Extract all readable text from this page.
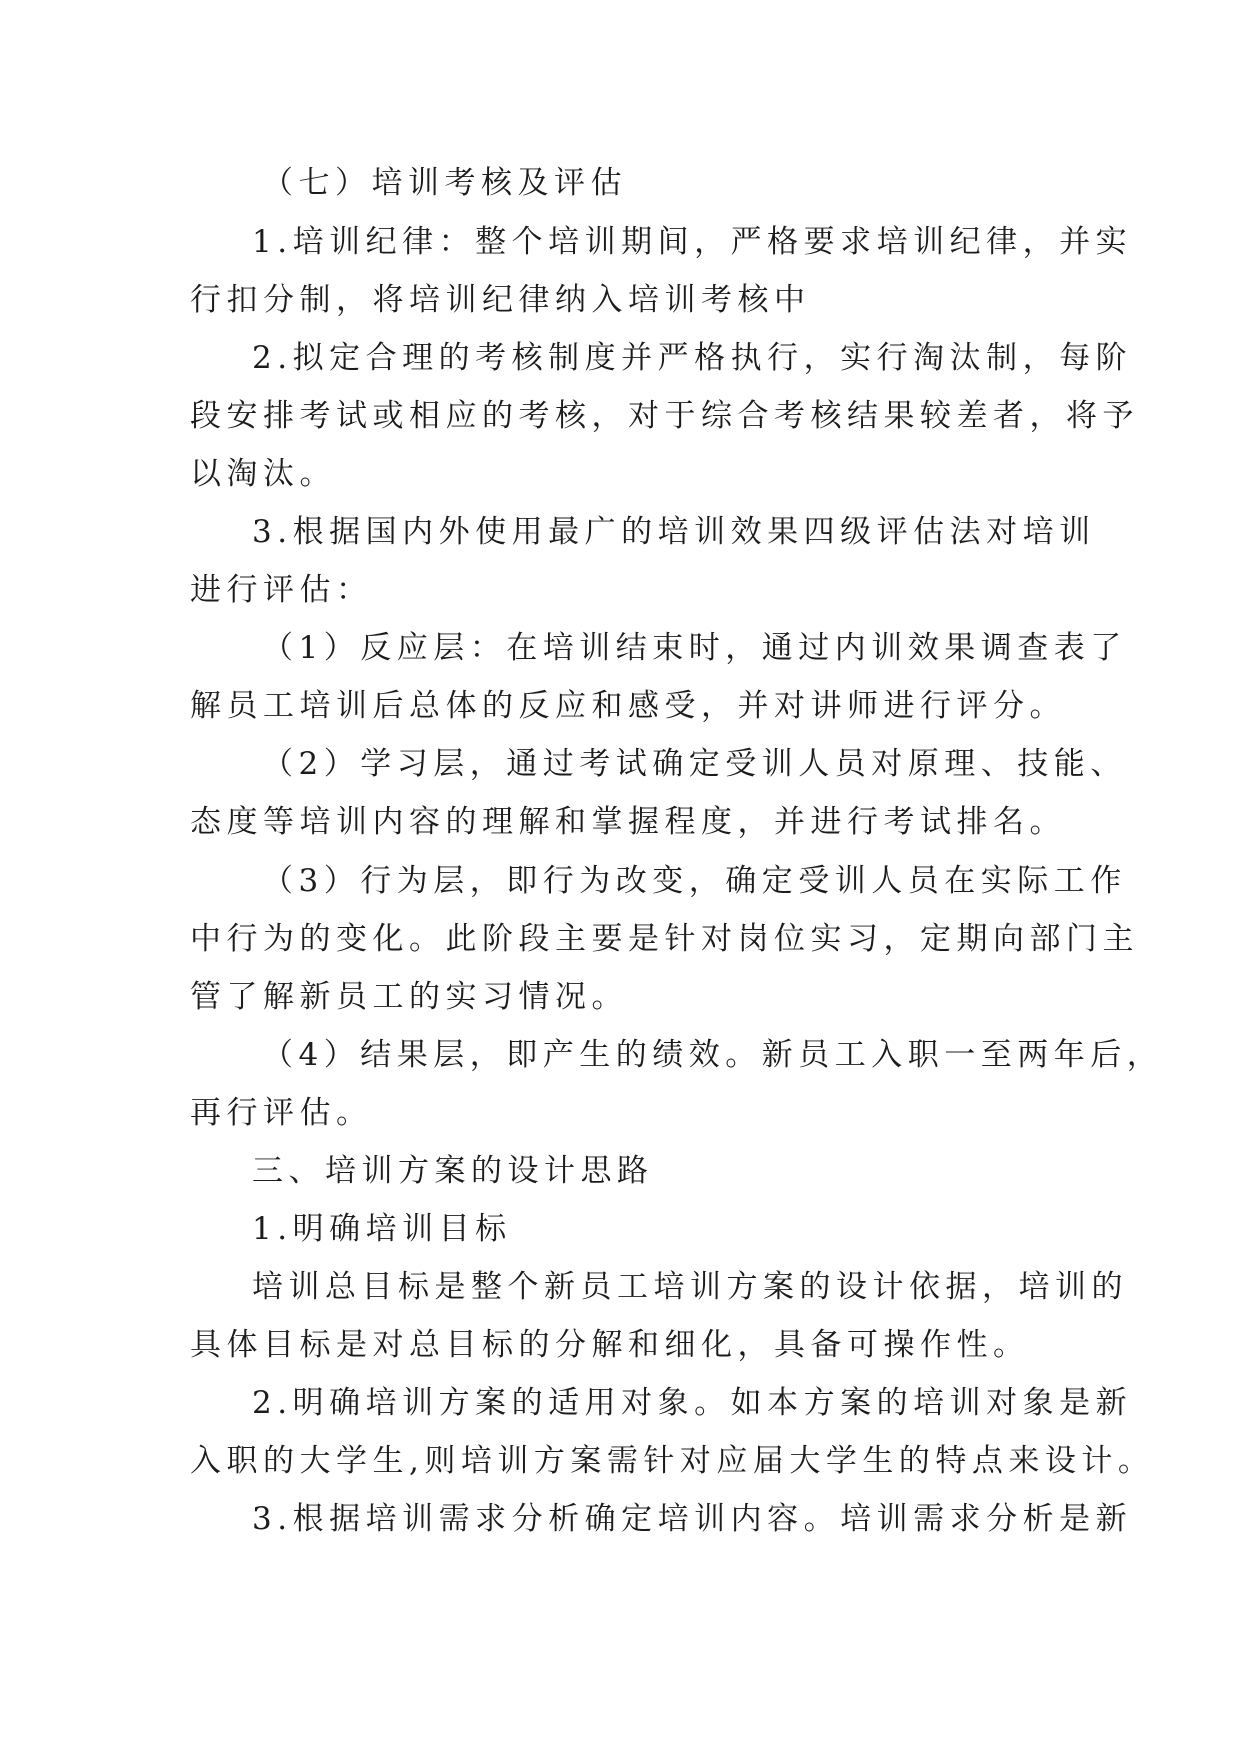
（七）培训考核及评估
1.培训纪律：整个培训期间，严格要求培训纪律，并实
行扣分制，将培训纪律纳入培训考核中
2.拟定合理的考核制度并严格执行，实行淘汰制，每阶
段安排考试或相应的考核，对于综合考核结果较差者，将予
以淘汰。
3.根据国内外使用最广的培训效果四级评估法对培训
进行评估：
（1）反应层：在培训结束时，通过内训效果调查表了
解员工培训后总体的反应和感受，并对讲师进行评分。
（2）学习层，通过考试确定受训人员对原理、技能、
态度等培训内容的理解和掌握程度，并进行考试排名。
（3）行为层，即行为改变，确定受训人员在实际工作
中行为的变化。此阶段主要是针对岗位实习，定期向部门主
管了解新员工的实习情况。
（4）结果层，即产生的绩效。新员工入职一至两年后，
再行评估。
三、培训方案的设计思路
1.明确培训目标
培训总目标是整个新员工培训方案的设计依据，培训的
具体目标是对总目标的分解和细化，具备可操作性。
2.明确培训方案的适用对象。如本方案的培训对象是新
入职的大学生,则培训方案需针对应届大学生的特点来设计。
3.根据培训需求分析确定培训内容。培训需求分析是新
